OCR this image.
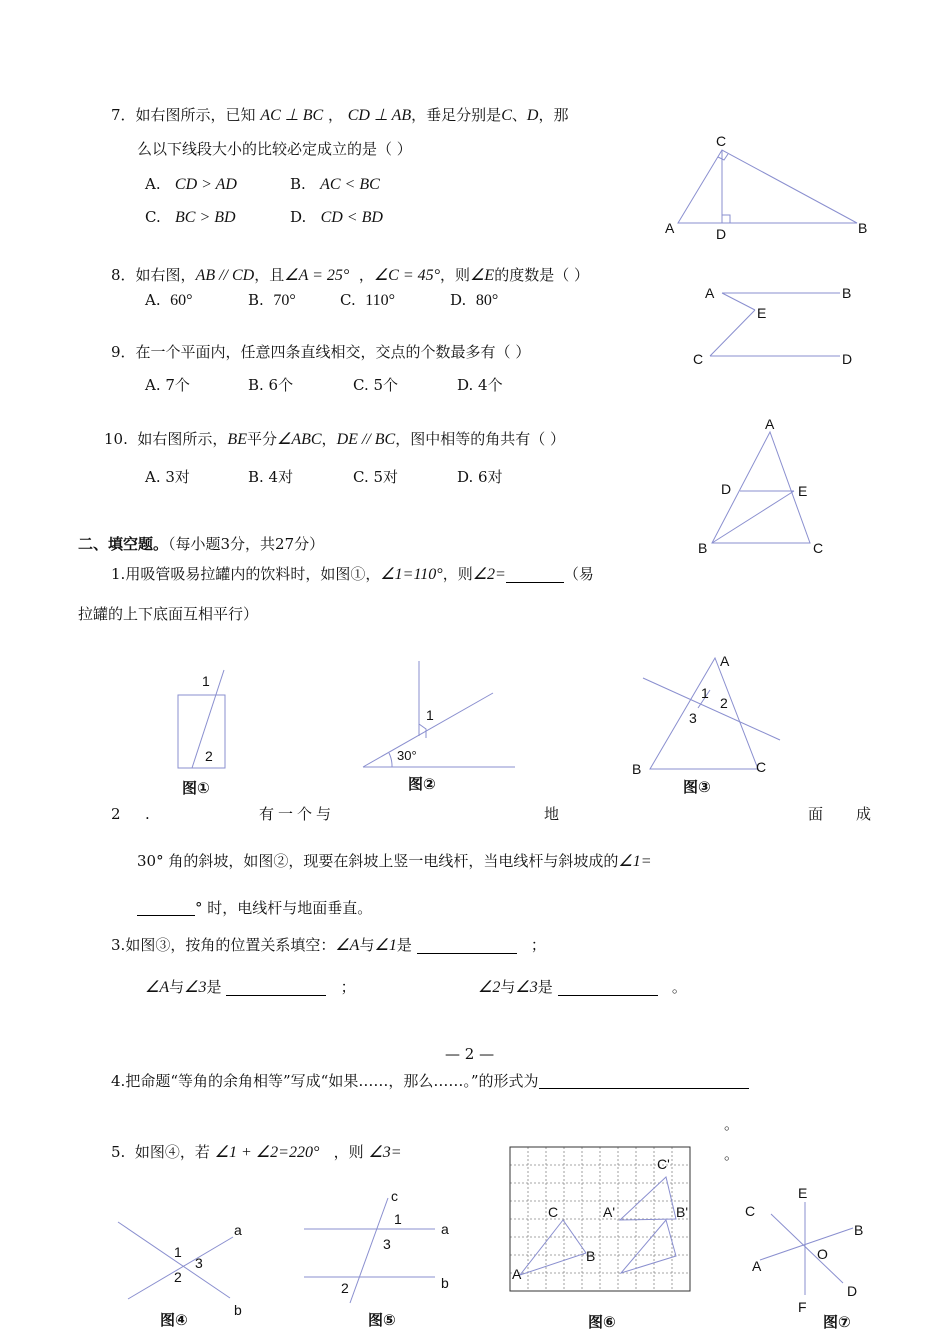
7．如右图所示，已知 AC ⊥ BC ， CD ⊥ AB，垂足分别是C、D，那
么以下线段大小的比较必定成立的是（ ）
A. CD > AD	B. AC < BC
C. BC > BD	D. CD < BD
C
A	D	B
8．如右图，AB // CD，且∠A = 25°  ，∠C = 45°，则∠E的度数是（ ）
A. 60°	B. 70°	C. 110°	D. 80°	A	B
E
C	D
9．在一个平面内，任意四条直线相交，交点的个数最多有（ ）
A. 7个	B. 6个	C. 5个	D. 4个
10. 如右图所示，BE平分∠ABC，DE // BC，图中相等的角共有（ ）
A. 3对	B. 4对	C. 5对	D. 6对
A
D	E
B	C
二、填空题。（每小题3分，共27分）
1.用吸管吸易拉罐内的饮料时，如图①，∠1=110°，则∠2=	（易
拉罐的上下底面互相平行）
1
2
图①
1
30°
图②
A
1
2
3
B	C
图③
2 .	有一个与	地	面 成
30° 角的斜坡，如图②，现要在斜坡上竖一电线杆，当电线杆与斜坡成的∠1=
° 时，电线杆与地面垂直。
3.如图③，按角的位置关系填空：∠A与∠1是	；
∠A与∠3是	；	∠2与∠3是	。
— 2 —
4.把命题“等角的余角相等”写成“如果……，那么……。”的形式为
。
5. 如图④，若 ∠1 + ∠2=220° ，则 ∠3=	。
a
1
3
2
b
图④
c
1
a
3
2	b
图⑤
C'
C	A'	B'
B
A
图⑥
E
C
B
O
A
D
F
图⑦
